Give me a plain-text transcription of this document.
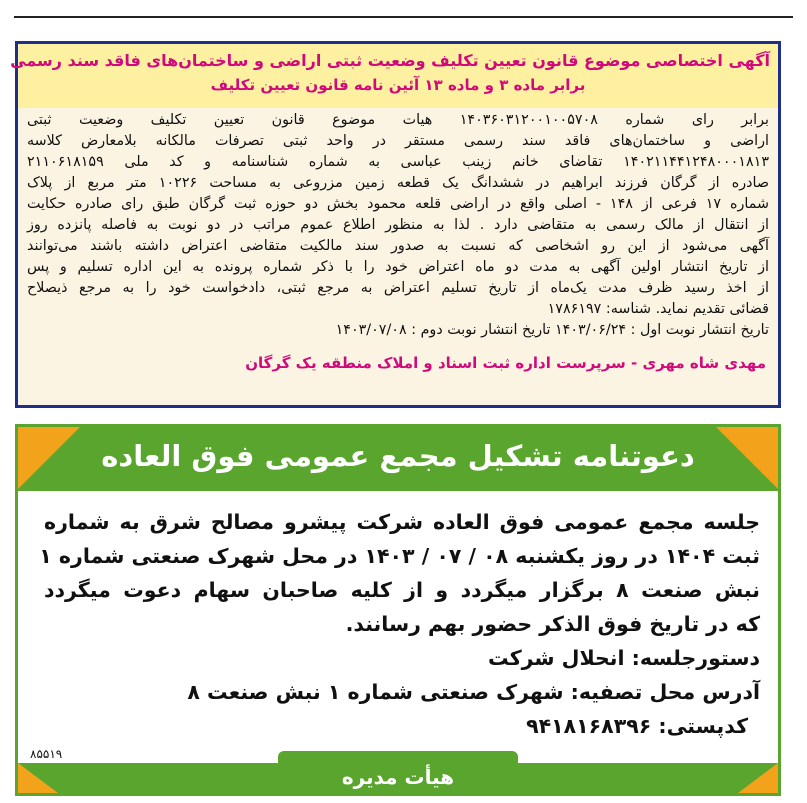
آگهی اختصاصی موضوع قانون تعیین تکلیف وضعیت ثبتی اراضی و ساختمان‌های فاقد سند رسمی
برابر ماده ۳ و ماده ۱۳ آئین نامه قانون تعیین تکلیف
برابر رای شماره ۱۴۰۳۶۰۳۱۲۰۰۱۰۰۵۷۰۸ هیات موضوع قانون تعیین تکلیف وضعیت ثبتی
اراضی و ساختمان‌های فاقد سند رسمی مستقر در واحد ثبتی تصرفات مالکانه بلامعارض کلاسه
۱۴۰۲۱۱۴۴۱۲۴۸۰۰۰۱۸۱۳ تقاضای خانم زینب عباسی به شماره شناسنامه و کد ملی ۲۱۱۰۶۱۸۱۵۹
صادره از گرگان فرزند ابراهیم در ششدانگ یک قطعه زمین مزروعی به مساحت ۱۰۲۲۶ متر مربع از پلاک
شماره ۱۷ فرعی از ۱۴۸ - اصلی واقع در اراضی قلعه محمود بخش دو حوزه ثبت گرگان طبق رای صادره حکایت
از انتقال از مالک رسمی به متقاضی دارد . لذا به منظور اطلاع عموم مراتب در دو نوبت به فاصله پانزده روز
آگهی می‌شود از این رو اشخاصی که نسبت به صدور سند مالکیت متقاضی اعتراض داشته باشند می‌توانند
از تاریخ انتشار اولین آگهی به مدت دو ماه اعتراض خود را با ذکر شماره پرونده به این اداره تسلیم و پس
از اخذ رسید ظرف مدت یک‌ماه از تاریخ تسلیم اعتراض به مرجع ثبتی، دادخواست خود را به مرجع ذیصلاح
قضائی تقدیم نماید. شناسه: ۱۷۸۶۱۹۷
تاریخ انتشار نوبت اول : ۱۴۰۳/۰۶/۲۴ تاریخ انتشار نوبت دوم : ۱۴۰۳/۰۷/۰۸
مهدی شاه مهری - سرپرست اداره ثبت اسناد و املاک منطقه یک گرگان
دعوتنامه تشکیل مجمع عمومی فوق العاده
جلسه مجمع عمومی فوق العاده شرکت پیشرو مصالح شرق به شماره
ثبت ۱۴۰۴ در روز یکشنبه ۰۸ / ۰۷ / ۱۴۰۳ در محل شهرک صنعتی شماره ۱
نبش صنعت ۸ برگزار میگردد و از کلیه صاحبان سهام دعوت میگردد
که در تاریخ فوق الذکر حضور بهم رسانند.
دستورجلسه: انحلال شرکت
آدرس محل تصفیه: شهرک صنعتی شماره ۱ نبش صنعت ۸
کدپستی: ۹۴۱۸۱۶۸۳۹۶
هیأت مدیره
۸۵۵۱۹
